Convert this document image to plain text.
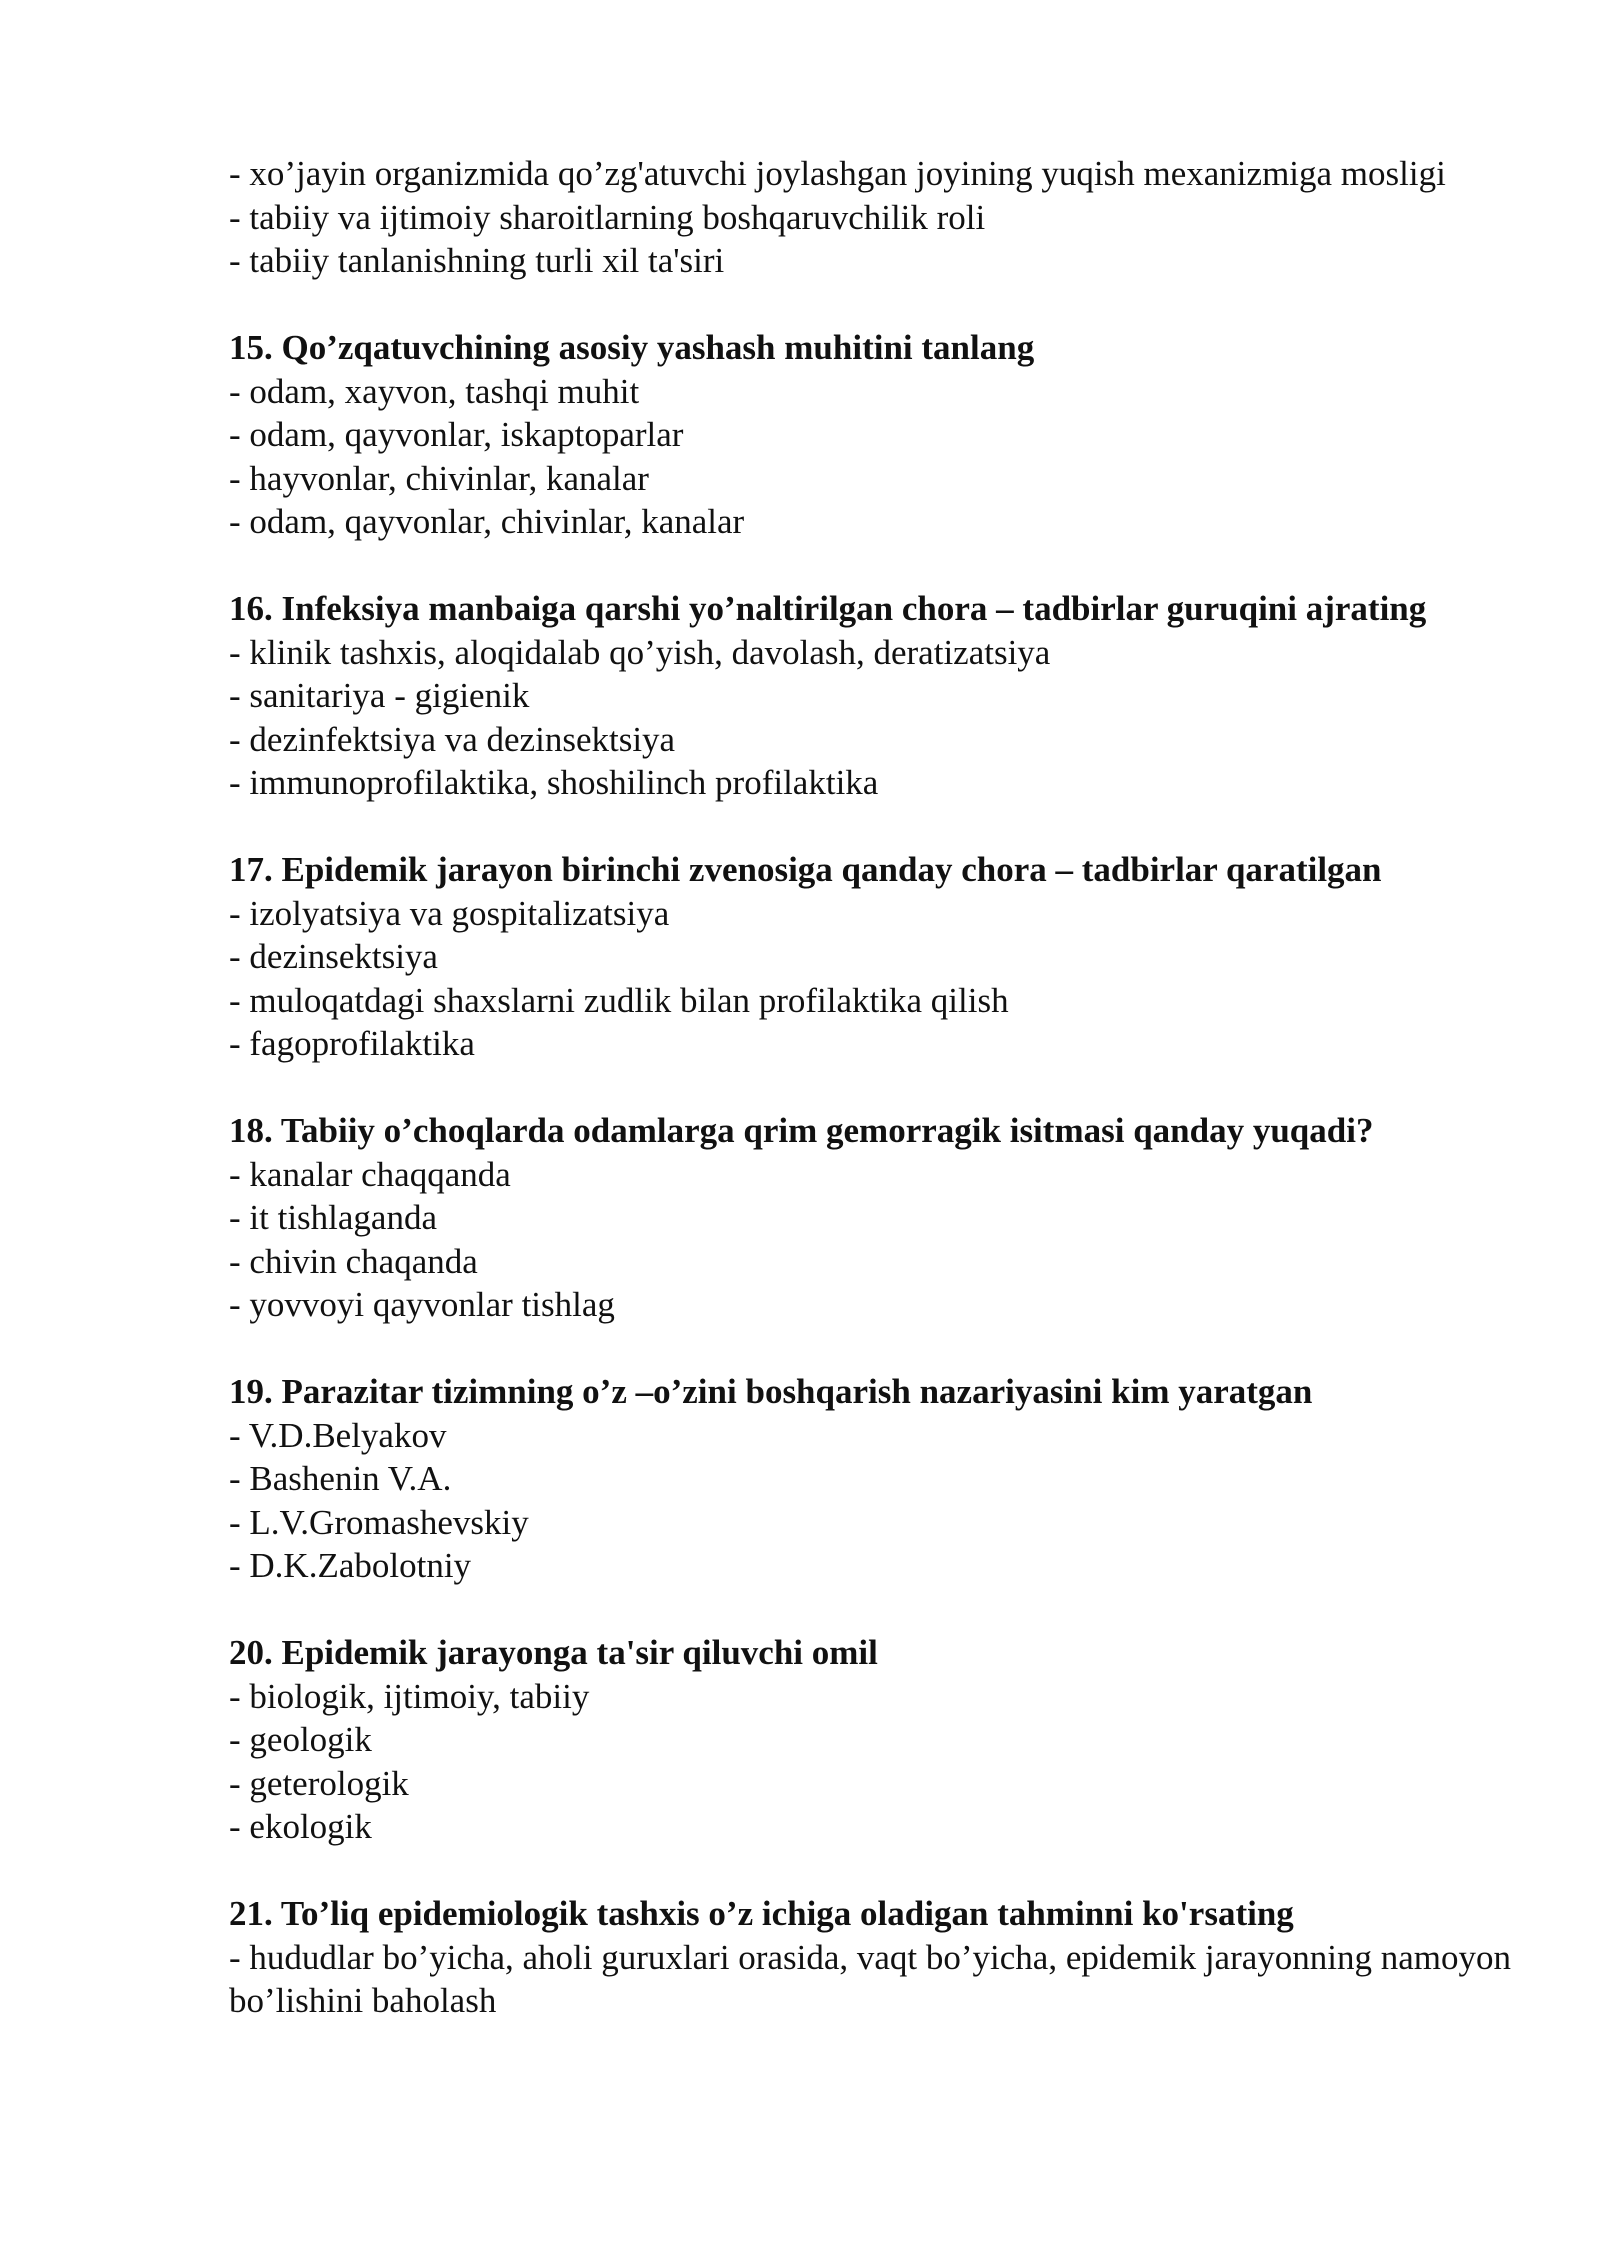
- xo’jayin organizmida qo’zg'atuvchi joylashgan joyining yuqish mexanizmiga mosligi

- tabiiy va ijtimoiy sharoitlarning boshqaruvchilik roli

- tabiiy tanlanishning turli xil ta'siri

15. Qo’zqatuvchining asosiy yashash muhitini tanlang

- odam, xayvon, tashqi muhit

- odam, qayvonlar, iskaptoparlar

- hayvonlar, chivinlar, kanalar

- odam, qayvonlar, chivinlar, kanalar

16. Infeksiya manbaiga qarshi yo’naltirilgan chora – tadbirlar guruqini ajrating

- klinik tashxis, aloqidalab qo’yish, davolash, deratizatsiya

- sanitariya - gigienik

- dezinfektsiya va dezinsektsiya

- immunoprofilaktika, shoshilinch profilaktika

17. Epidemik jarayon birinchi zvenosiga qanday chora – tadbirlar qaratilgan

- izolyatsiya va gospitalizatsiya

- dezinsektsiya

- muloqatdagi shaxslarni zudlik bilan profilaktika qilish

- fagoprofilaktika

18. Tabiiy o’choqlarda odamlarga qrim gemorragik isitmasi qanday yuqadi?

- kanalar chaqqanda

- it tishlaganda

- chivin chaqanda

- yovvoyi qayvonlar tishlag

19. Parazitar tizimning o’z –o’zini boshqarish nazariyasini kim yaratgan

- V.D.Belyakov

- Bashenin V.A.

- L.V.Gromashevskiy

- D.K.Zabolotniy

20. Epidemik jarayonga ta'sir qiluvchi omil

- biologik, ijtimoiy, tabiiy

- geologik

- geterologik

- ekologik

21. To’liq epidemiologik tashxis o’z ichiga oladigan tahminni ko'rsating

- hududlar bo’yicha, aholi guruxlari orasida, vaqt bo’yicha, epidemik jarayonning namoyon bo’lishini baholash
